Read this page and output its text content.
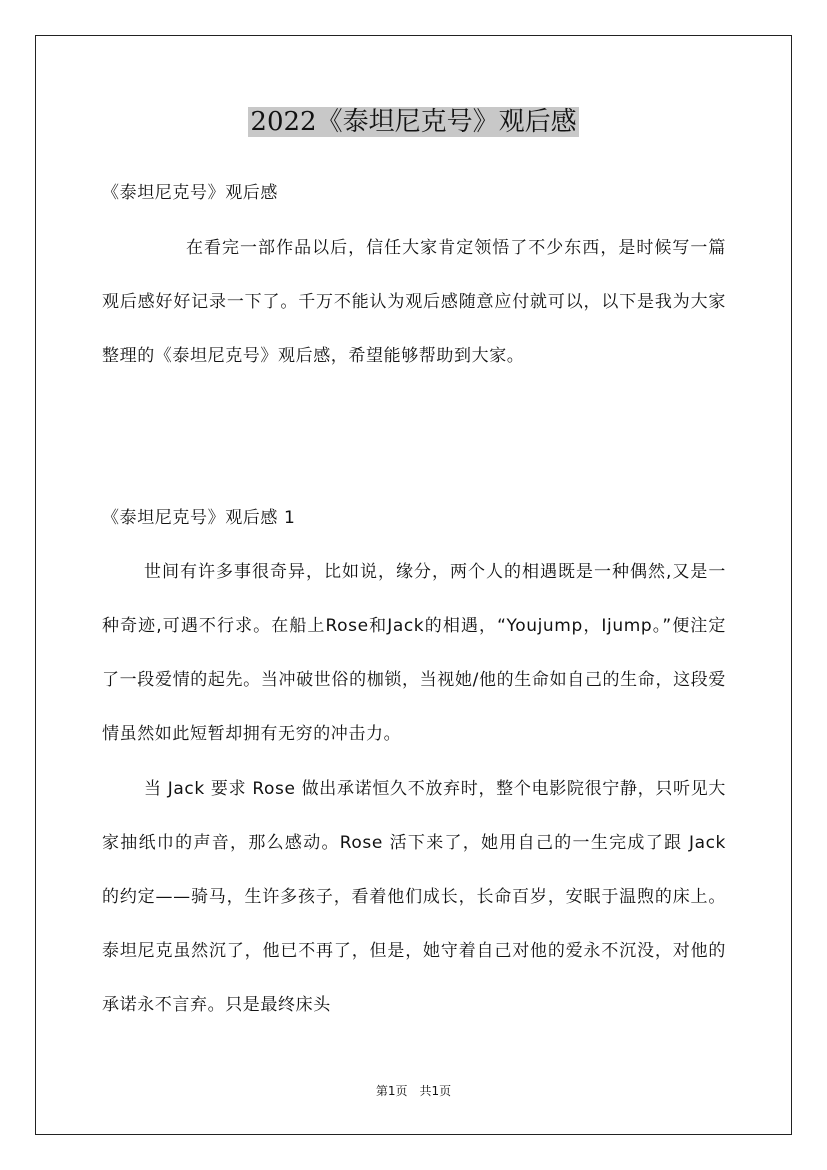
2022《泰坦尼克号》观后感

《泰坦尼克号》观后感

在看完一部作品以后，信任大家肯定领悟了不少东西，是时候写一篇观后感好好记录一下了。千万不能认为观后感随意应付就可以，以下是我为大家整理的《泰坦尼克号》观后感，希望能够帮助到大家。

《泰坦尼克号》观后感 1

世间有许多事很奇异，比如说，缘分，两个人的相遇既是一种偶然,又是一种奇迹,可遇不行求。在船上Rose和Jack的相遇，“Youjump，Ijump。”便注定了一段爱情的起先。当冲破世俗的枷锁，当视她/他的生命如自己的生命，这段爱情虽然如此短暂却拥有无穷的冲击力。

当 Jack 要求 Rose 做出承诺恒久不放弃时，整个电影院很宁静，只听见大家抽纸巾的声音，那么感动。Rose 活下来了，她用自己的一生完成了跟 Jack 的约定——骑马，生许多孩子，看着他们成长，长命百岁，安眠于温煦的床上。泰坦尼克虽然沉了，他已不再了，但是，她守着自己对他的爱永不沉没，对他的承诺永不言弃。只是最终床头

第1页　共1页
